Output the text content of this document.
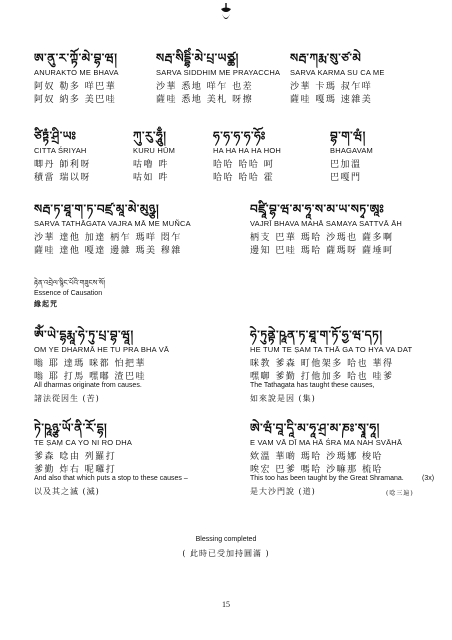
ཨ་ནུ་ར་ཀྟོ་མེ་བྷ་ཝ།
ANURAKTO ME BHAVA
阿奴 勒多 咩巴華
阿奴 納多 美巴哇
སརྦ་སིདྡྷིཾ་མེ་པྲ་ཡཙྪ།
SARVA SIDDHIM ME PRAYACCHA
沙華 悉地 咩乍 也差
薩哇 悉地 美札 呀擦
སརྦ་ཀརྨ་སུ་ཙ་མེ
SARVA KARMA SU CA ME
沙華 卡瑪 叔乍咩
薩哇 嘎瑪 速雜美
ཙིཏྟཾ་ཤྲི་ཡཿ
CITTA ŚRIYAH
唧丹 師利呀
積當 瑞以呀
ཀུ་རུ་ཧཱུྃ།
KURU HŪM
咕嚕 吽
咕如 吽
ཧ་ཧ་ཧ་ཧ་ཧོཿ
HA HA HA HA HOH
哈哈 哈哈 呵
哈哈 哈哈 霍
བྷ་ག་ཝཾ།
BHAGAVAM
巴加溫
巴嘎門
སརྦ་ཏ་ཐཱ་ག་ཏ་བཛྲ་མཱ་མེ་མུཉྩ།
SARVA TATHĀGATA VAJRA MĀ ME MUÑCA
沙華 達他 加達 柄乍 瑪咩 悶乍
薩哇 達他 嘎達 邊雜 瑪美 穆雜
བཛྲཱི་བྷ་ཝ་མ་ཧཱ་ས་མ་ཡ་སཏྭ་ཨཱཿ
VAJRĪ BHAVA MAHĀ SAMAYA SATTVĀ ĀH
柄支 巴華 瑪哈 沙瑪也 薩多啊
邊知 巴哇 瑪哈 薩瑪呀 薩埵呵
རྟེན་འབྲེལ་སྙིང་པོའི་གཟུངས་སོ།
Essence of Causation
緣起咒
ཨོཾ་ཡེ་དྷརྨཱ་ཧེ་ཏུ་པྲ་བྷ་ཝཱ།
OM YE DHARMĀ HE TU PRA BHA VĀ
嗡 耶 達瑪 咪都 怕把華
嗡 耶 打馬 嘿嘟 渣巴哇
All dharmas originate from causes.
諸法從因生 (苦)
ཧེ་ཏུནྟེ་ཥཱན་ཏ་ཐཱ་ག་ཏོ་ཧྱ་ཝ་དཏ།
HE TUM TE ṢAM TA THĀ GA TO HYA VA DAT
咪教 爹森 町他架多 哈也 華得
嘿啣 爹勤 打他加多 哈也 哇爹
The Tathagata has taught these causes,
如來說是因 (集)
ཏེ་ཥཱཉྩ་ཡོ་ནི་རོ་དྷ།
TE ṢAṂ CA YO NI RO DHA
爹森 唸由 列羅打
爹勤 炸右 呢囉打
And also that which puts a stop to these causes –
以及其之滅 (滅)
ཨེ་ཝཾ་བཱ་དཱི་མ་ཧཱ་ཤྲ་མ་ཎཿ་སྭཱ་ཧཱ།
E VAM VĀ DĪ MA HĀ ŚRA MA NAH SVĀHĀ
欸溫 華啲 瑪哈 沙瑪娜 梭哈
唉宏 巴爹 嗎哈 沙嘛那 梳哈
This too has been taught by the Great Shramana.	(3x)
是大沙門說 (道)	(唸三遍)
Blessing completed
( 此時已受加持圓滿 )
15
